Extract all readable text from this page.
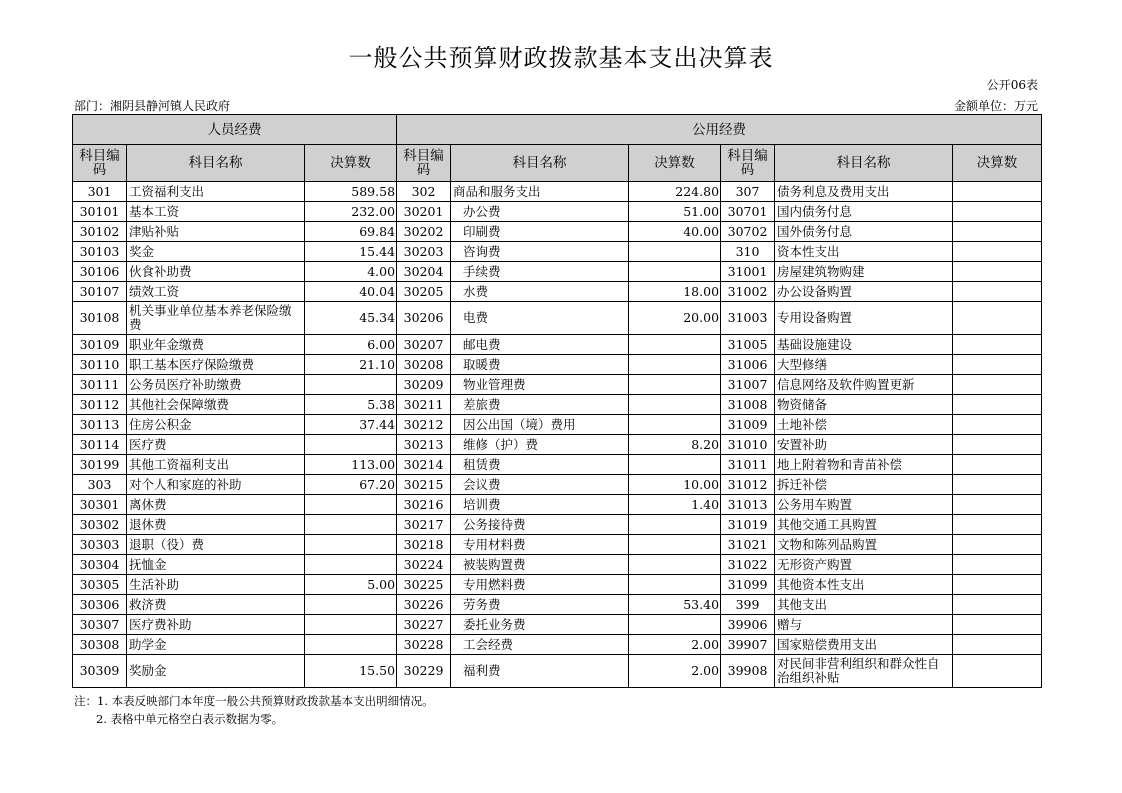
一般公共预算财政拨款基本支出决算表
公开06表
部门：湘阴县静河镇人民政府	金额单位：万元
人员经费			公用经费					
科目编码	科目名称	决算数	科目编码	科目名称	决算数	科目编码	科目名称	决算数
301	工资福利支出	589.58	302	商品和服务支出	224.80	307	债务利息及费用支出	
30101	基本工资	232.00	30201	办公费	51.00	30701	国内债务付息	
30102	津贴补贴	69.84	30202	印刷费	40.00	30702	国外债务付息	
30103	奖金	15.44	30203	咨询费		310	资本性支出	
30106	伙食补助费	4.00	30204	手续费		31001	房屋建筑物购建	
30107	绩效工资	40.04	30205	水费	18.00	31002	办公设备购置	
30108	机关事业单位基本养老保险缴费	45.34	30206	电费	20.00	31003	专用设备购置	
30109	职业年金缴费	6.00	30207	邮电费		31005	基础设施建设	
30110	职工基本医疗保险缴费	21.10	30208	取暖费		31006	大型修缮	
30111	公务员医疗补助缴费		30209	物业管理费		31007	信息网络及软件购置更新	
30112	其他社会保障缴费	5.38	30211	差旅费		31008	物资储备	
30113	住房公积金	37.44	30212	因公出国（境）费用		31009	土地补偿	
30114	医疗费		30213	维修（护）费	8.20	31010	安置补助	
30199	其他工资福利支出	113.00	30214	租赁费		31011	地上附着物和青苗补偿	
303	对个人和家庭的补助	67.20	30215	会议费	10.00	31012	拆迁补偿	
30301	离休费		30216	培训费	1.40	31013	公务用车购置	
30302	退休费		30217	公务接待费		31019	其他交通工具购置	
30303	退职（役）费		30218	专用材料费		31021	文物和陈列品购置	
30304	抚恤金		30224	被装购置费		31022	无形资产购置	
30305	生活补助	5.00	30225	专用燃料费		31099	其他资本性支出	
30306	救济费		30226	劳务费	53.40	399	其他支出	
30307	医疗费补助		30227	委托业务费		39906	赠与	
30308	助学金		30228	工会经费	2.00	39907	国家赔偿费用支出	
30309	奖励金	15.50	30229	福利费	2.00	39908	对民间非营利组织和群众性自治组织补贴	
注：1. 本表反映部门本年度一般公共预算财政拨款基本支出明细情况。
2. 表格中单元格空白表示数据为零。
